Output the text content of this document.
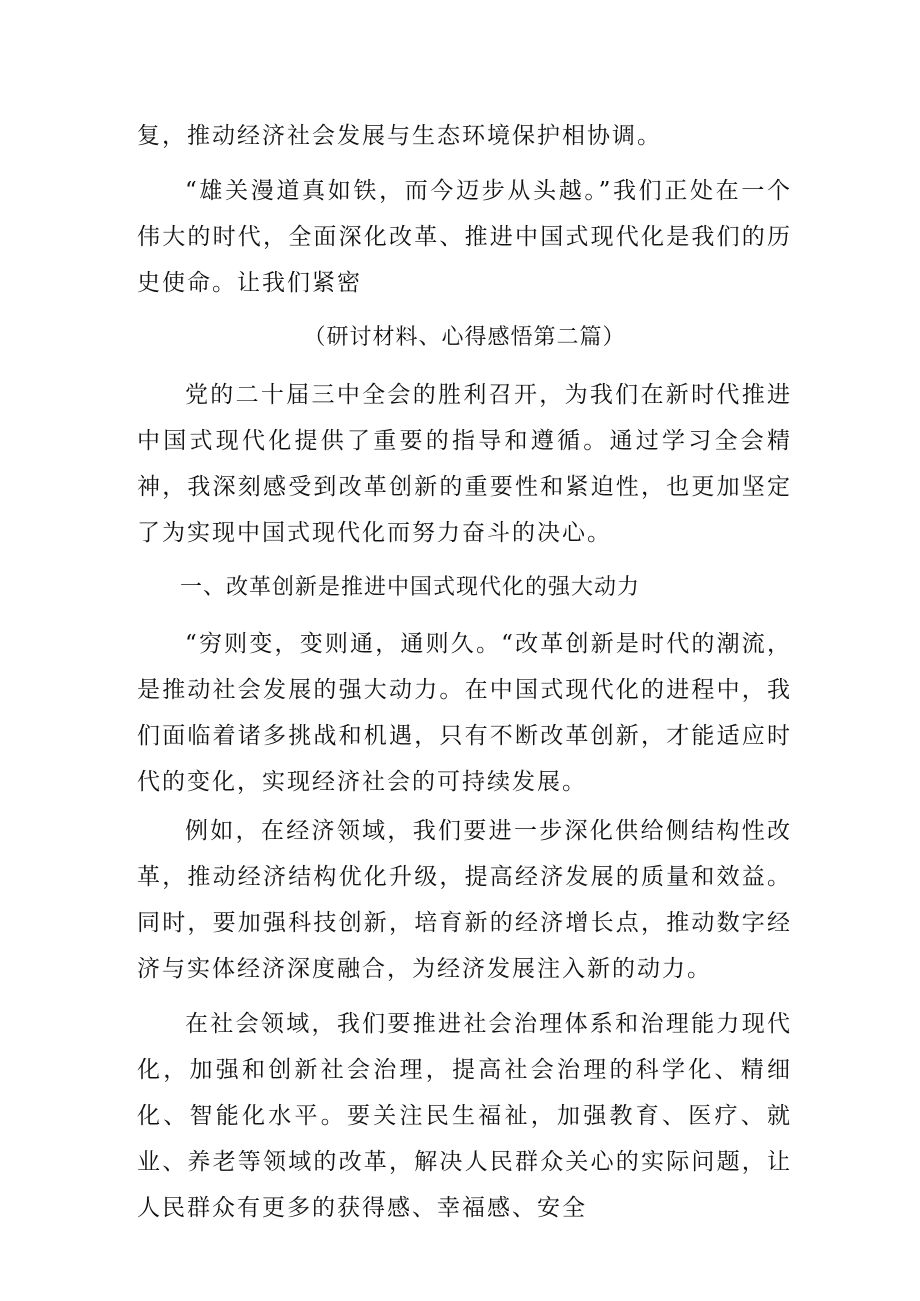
复，推动经济社会发展与生态环境保护相协调。

“雄关漫道真如铁，而今迈步从头越。”我们正处在一个伟大的时代，全面深化改革、推进中国式现代化是我们的历史使命。让我们紧密

（研讨材料、心得感悟第二篇）

党的二十届三中全会的胜利召开，为我们在新时代推进中国式现代化提供了重要的指导和遵循。通过学习全会精神，我深刻感受到改革创新的重要性和紧迫性，也更加坚定了为实现中国式现代化而努力奋斗的决心。

一、改革创新是推进中国式现代化的强大动力

“穷则变，变则通，通则久。“改革创新是时代的潮流，是推动社会发展的强大动力。在中国式现代化的进程中，我们面临着诸多挑战和机遇，只有不断改革创新，才能适应时代的变化，实现经济社会的可持续发展。

例如，在经济领域，我们要进一步深化供给侧结构性改革，推动经济结构优化升级，提高经济发展的质量和效益。同时，要加强科技创新，培育新的经济增长点，推动数字经济与实体经济深度融合，为经济发展注入新的动力。

在社会领域，我们要推进社会治理体系和治理能力现代化，加强和创新社会治理，提高社会治理的科学化、精细化、智能化水平。要关注民生福祉，加强教育、医疗、就业、养老等领域的改革，解决人民群众关心的实际问题，让人民群众有更多的获得感、幸福感、安全
